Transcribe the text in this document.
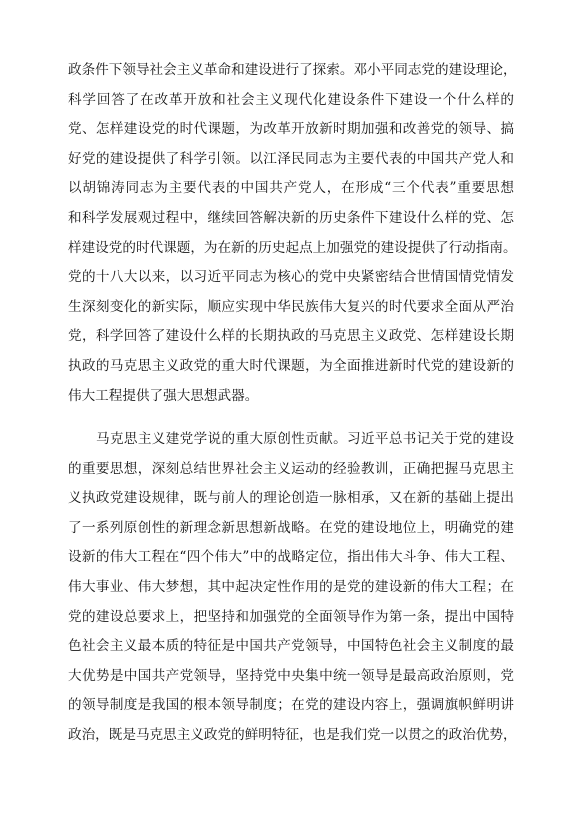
政条件下领导社会主义革命和建设进行了探索。邓小平同志党的建设理论，
科学回答了在改革开放和社会主义现代化建设条件下建设一个什么样的
党、怎样建设党的时代课题，为改革开放新时期加强和改善党的领导、搞
好党的建设提供了科学引领。以江泽民同志为主要代表的中国共产党人和
以胡锦涛同志为主要代表的中国共产党人，在形成“三个代表”重要思想
和科学发展观过程中，继续回答解决新的历史条件下建设什么样的党、怎
样建设党的时代课题，为在新的历史起点上加强党的建设提供了行动指南。
党的十八大以来，以习近平同志为核心的党中央紧密结合世情国情党情发
生深刻变化的新实际，顺应实现中华民族伟大复兴的时代要求全面从严治
党，科学回答了建设什么样的长期执政的马克思主义政党、怎样建设长期
执政的马克思主义政党的重大时代课题，为全面推进新时代党的建设新的
伟大工程提供了强大思想武器。
马克思主义建党学说的重大原创性贡献。习近平总书记关于党的建设
的重要思想，深刻总结世界社会主义运动的经验教训，正确把握马克思主
义执政党建设规律，既与前人的理论创造一脉相承，又在新的基础上提出
了一系列原创性的新理念新思想新战略。在党的建设地位上，明确党的建
设新的伟大工程在“四个伟大”中的战略定位，指出伟大斗争、伟大工程、
伟大事业、伟大梦想，其中起决定性作用的是党的建设新的伟大工程；在
党的建设总要求上，把坚持和加强党的全面领导作为第一条，提出中国特
色社会主义最本质的特征是中国共产党领导，中国特色社会主义制度的最
大优势是中国共产党领导，坚持党中央集中统一领导是最高政治原则，党
的领导制度是我国的根本领导制度；在党的建设内容上，强调旗帜鲜明讲
政治，既是马克思主义政党的鲜明特征，也是我们党一以贯之的政治优势，
